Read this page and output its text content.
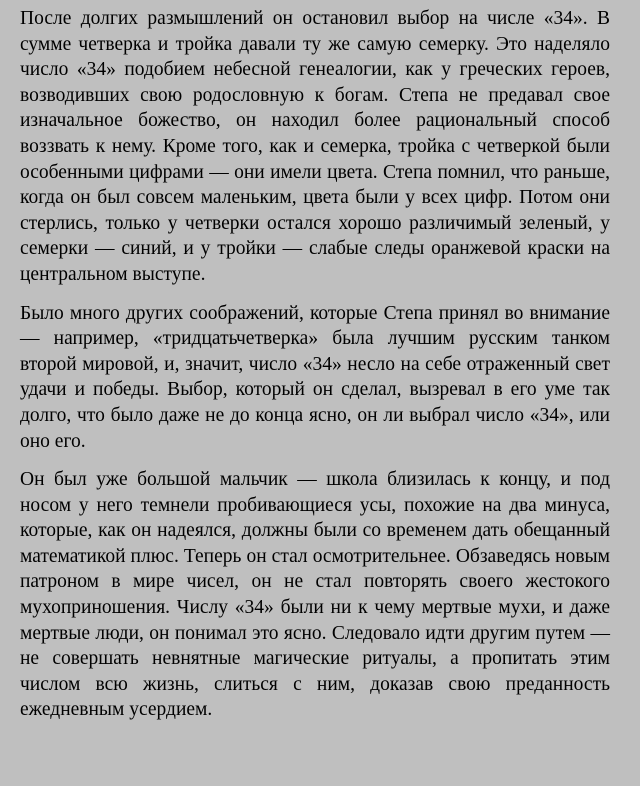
После долгих размышлений он остановил выбор на числе «34». В сумме четверка и тройка давали ту же самую семерку. Это наделяло число «34» подобием небесной генеалогии, как у греческих героев, возводивших свою родословную к богам. Степа не предавал свое изначальное божество, он находил более рациональный способ воззвать к нему. Кроме того, как и семерка, тройка с четверкой были особенными цифрами — они имели цвета. Степа помнил, что раньше, когда он был совсем маленьким, цвета были у всех цифр. Потом они стерлись, только у четверки остался хорошо различимый зеленый, у семерки — синий, и у тройки — слабые следы оранжевой краски на центральном выступе.

Было много других соображений, которые Степа принял во внимание — например, «тридцатьчетверка» была лучшим русским танком второй мировой, и, значит, число «34» несло на себе отраженный свет удачи и победы. Выбор, который он сделал, вызревал в его уме так долго, что было даже не до конца ясно, он ли выбрал число «34», или оно его.

Он был уже большой мальчик — школа близилась к концу, и под носом у него темнели пробивающиеся усы, похожие на два минуса, которые, как он надеялся, должны были со временем дать обещанный математикой плюс. Теперь он стал осмотрительнее. Обзаведясь новым патроном в мире чисел, он не стал повторять своего жестокого мухоприношения. Числу «34» были ни к чему мертвые мухи, и даже мертвые люди, он понимал это ясно. Следовало идти другим путем — не совершать невнятные магические ритуалы, а пропитать этим числом всю жизнь, слиться с ним, доказав свою преданность ежедневным усердием.
